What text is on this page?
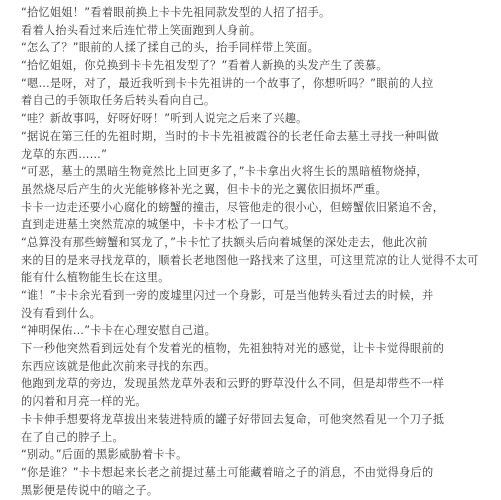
“拾忆姐姐！”看着眼前换上卡卡先祖同款发型的人招了招手。
看着人抬头看过来后连忙带上笑面跑到人身前。
“怎么了？”眼前的人揉了揉自己的头，抬手同样带上笑面。
“拾忆姐姐，你兑换到卡卡先祖发型了？”看着人新换的头发产生了羡慕。
“嗯…是呀，对了，最近我听到卡卡先祖讲的一个故事了，你想听吗？”眼前的人拉
着自己的手领取任务后转头看向自己。
“哇？新故事吗，好呀好呀！”听到人说完之后来了兴趣。
“据说在第三任的先祖时期，当时的卡卡先祖被霞谷的长老任命去墓土寻找一种叫做
龙草的东西……”
“可恶，墓土的黑暗生物竟然比上回更多了，”卡卡拿出火将生长的黑暗植物烧掉，
虽然烧尽后产生的火光能够修补光之翼，但卡卡的光之翼依旧损坏严重。
卡卡一边走还要小心腐化的螃蟹的撞击，尽管他走的很小心，但螃蟹依旧紧追不舍，
直到走进墓土突然荒凉的城堡中，卡卡才松了一口气。
“总算没有那些螃蟹和冥龙了，”卡卡忙了扶额头后向着城堡的深处走去，他此次前
来的目的是来寻找龙草的，顺着长老地图他一路找来了这里，可这里荒凉的让人觉得不太可
能有什么植物能生长在这里。
“谁！”卡卡余光看到一旁的废墟里闪过一个身影，可是当他转头看过去的时候，并
没有看到什么。
“神明保佑…”卡卡在心理安慰自己道。
下一秒他突然看到远处有个发着光的植物，先祖独特对光的感觉，让卡卡觉得眼前的
东西应该就是他此次前来寻找的东西。
他跑到龙草的旁边，发现虽然龙草外表和云野的野草没什么不同，但是却带些不一样
的闪着和月亮一样的光。
卡卡伸手想要将龙草拔出来装进特质的罐子好带回去复命，可他突然看见一个刀子抵
在了自己的脖子上。
“别动。”后面的黑影威胁着卡卡。
“你是谁？”卡卡想起来长老之前提过墓土可能藏着暗之子的消息，不由觉得身后的
黑影便是传说中的暗之子。
